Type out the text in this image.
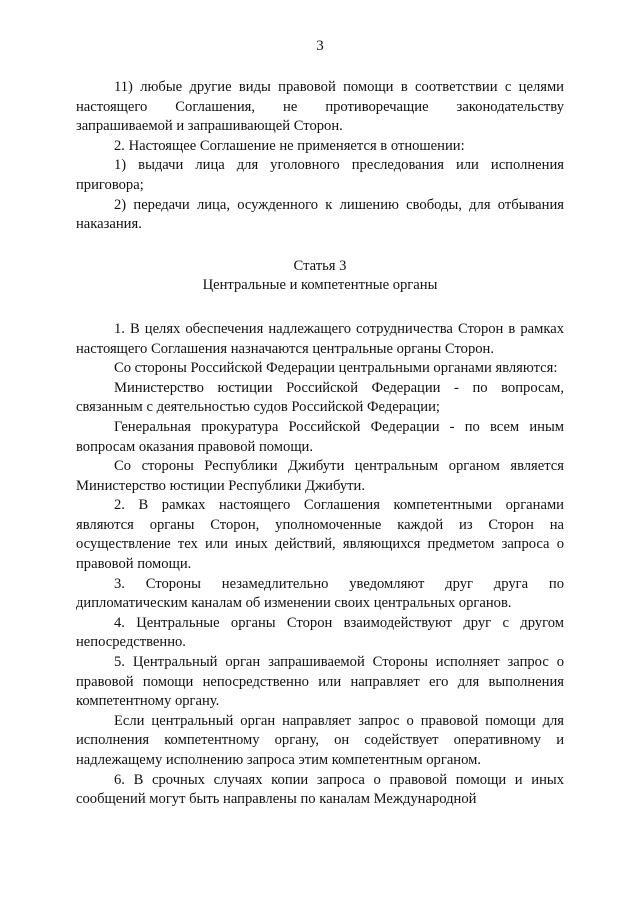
3

11) любые другие виды правовой помощи в соответствии с целями настоящего Соглашения, не противоречащие законодательству запрашиваемой и запрашивающей Сторон.

2. Настоящее Соглашение не применяется в отношении:

1) выдачи лица для уголовного преследования или исполнения приговора;

2) передачи лица, осужденного к лишению свободы, для отбывания наказания.

Статья 3
Центральные и компетентные органы

1. В целях обеспечения надлежащего сотрудничества Сторон в рамках настоящего Соглашения назначаются центральные органы Сторон.

Со стороны Российской Федерации центральными органами являются:

Министерство юстиции Российской Федерации - по вопросам, связанным с деятельностью судов Российской Федерации;

Генеральная прокуратура Российской Федерации - по всем иным вопросам оказания правовой помощи.

Со стороны Республики Джибути центральным органом является Министерство юстиции Республики Джибути.

2. В рамках настоящего Соглашения компетентными органами являются органы Сторон, уполномоченные каждой из Сторон на осуществление тех или иных действий, являющихся предметом запроса о правовой помощи.

3. Стороны незамедлительно уведомляют друг друга по дипломатическим каналам об изменении своих центральных органов.

4. Центральные органы Сторон взаимодействуют друг с другом непосредственно.

5. Центральный орган запрашиваемой Стороны исполняет запрос о правовой помощи непосредственно или направляет его для выполнения компетентному органу.

Если центральный орган направляет запрос о правовой помощи для исполнения компетентному органу, он содействует оперативному и надлежащему исполнению запроса этим компетентным органом.

6. В срочных случаях копии запроса о правовой помощи и иных сообщений могут быть направлены по каналам Международной
